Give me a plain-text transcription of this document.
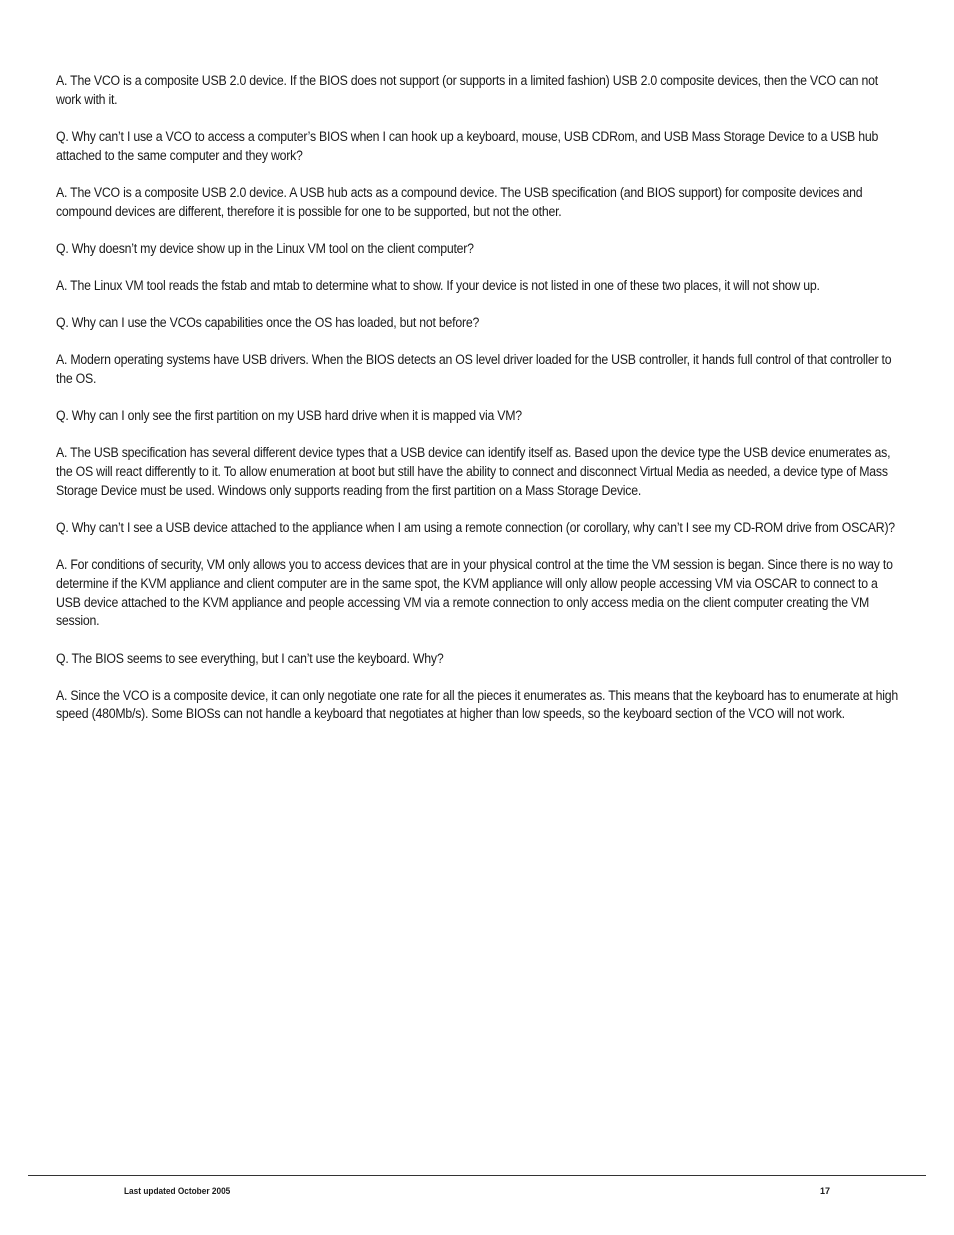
A. The VCO is a composite USB 2.0 device. If the BIOS does not support (or supports in a limited fashion) USB 2.0 composite devices, then the VCO can not work with it.

Q. Why can’t I use a VCO to access a computer’s BIOS when I can hook up a keyboard, mouse, USB CDRom, and USB Mass Storage Device to a USB hub attached to the same computer and they work?

A. The VCO is a composite USB 2.0 device. A USB hub acts as a compound device. The USB specification (and BIOS support) for composite devices and compound devices are different, therefore it is possible for one to be supported, but not the other.

Q. Why doesn’t my device show up in the Linux VM tool on the client computer?

A. The Linux VM tool reads the fstab and mtab to determine what to show. If your device is not listed in one of these two places, it will not show up.

Q. Why can I use the VCOs capabilities once the OS has loaded, but not before?

A. Modern operating systems have USB drivers. When the BIOS detects an OS level driver loaded for the USB controller, it hands full control of that controller to the OS.

Q. Why can I only see the first partition on my USB hard drive when it is mapped via VM?

A. The USB specification has several different device types that a USB device can identify itself as. Based upon the device type the USB device enumerates as, the OS will react differently to it. To allow enumeration at boot but still have the ability to connect and disconnect Virtual Media as needed, a device type of Mass Storage Device must be used. Windows only supports reading from the first partition on a Mass Storage Device.

Q. Why can’t I see a USB device attached to the appliance when I am using a remote connection (or corollary, why can’t I see my CD-ROM drive from OSCAR)?

A. For conditions of security, VM only allows you to access devices that are in your physical control at the time the VM session is began. Since there is no way to determine if the KVM appliance and client computer are in the same spot, the KVM appliance will only allow people accessing VM via OSCAR to connect to a USB device attached to the KVM appliance and people accessing VM via a remote connection to only access media on the client computer creating the VM session.

Q. The BIOS seems to see everything, but I can’t use the keyboard. Why?

A. Since the VCO is a composite device, it can only negotiate one rate for all the pieces it enumerates as. This means that the keyboard has to enumerate at high speed (480Mb/s). Some BIOSs can not handle a keyboard that negotiates at higher than low speeds, so the keyboard section of the VCO will not work.

Last updated October 2005	17
